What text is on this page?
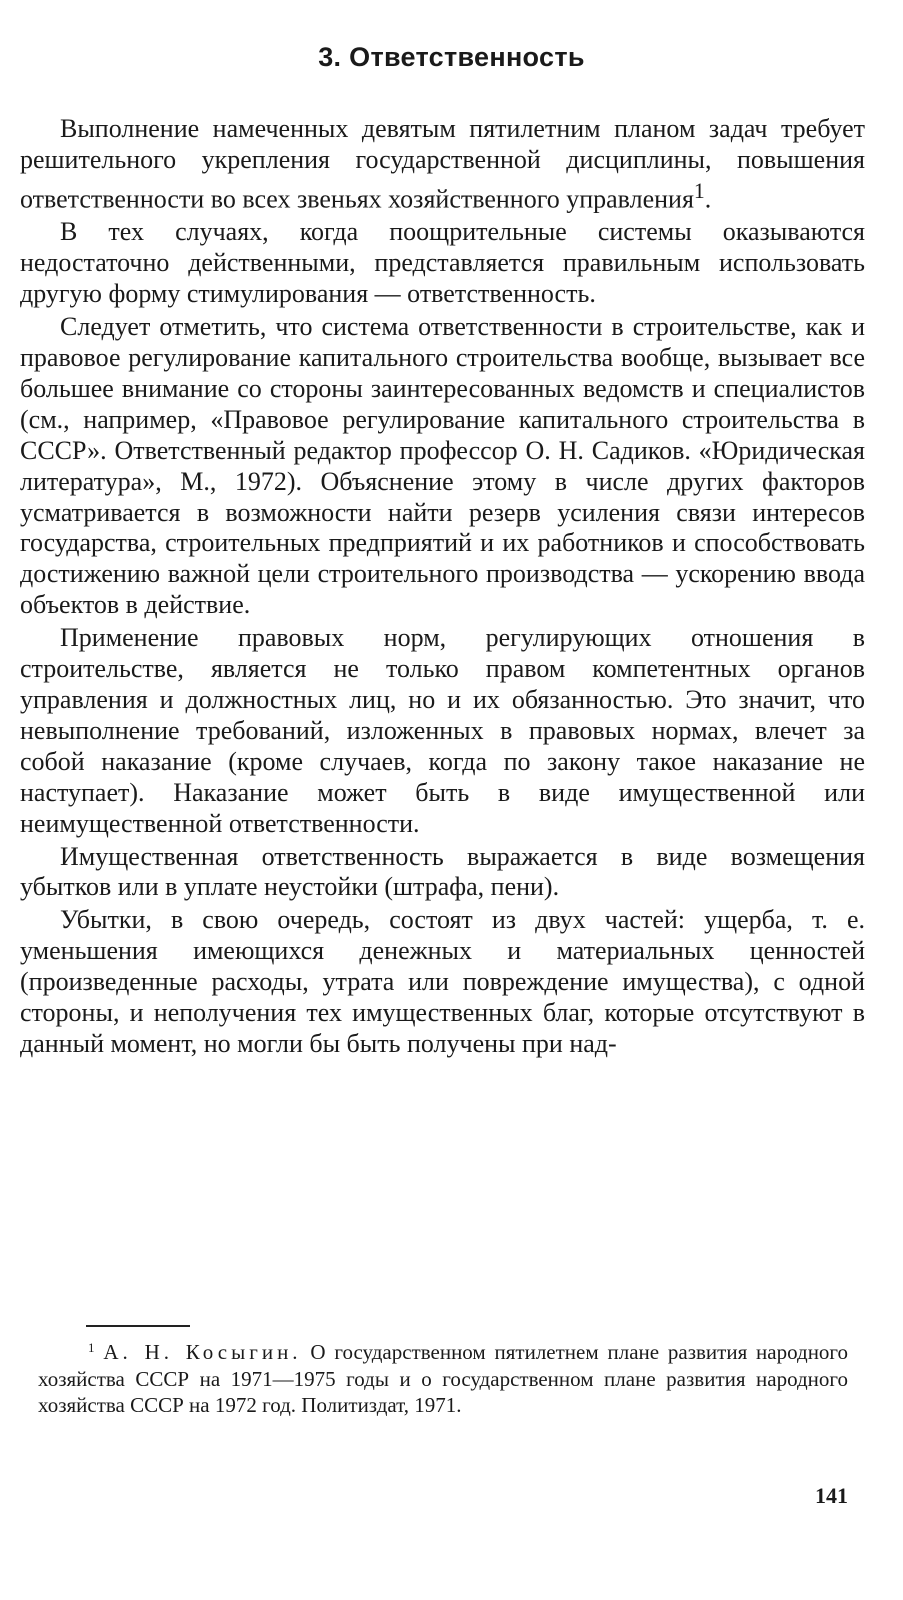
3. Ответственность

Выполнение намеченных девятым пятилетним планом задач требует решительного укрепления государственной дисциплины, повышения ответственности во всех звеньях хозяйственного управления$^1$.

В тех случаях, когда поощрительные системы оказываются недостаточно действенными, представляется правильным использовать другую форму стимулирования — ответственность.

Следует отметить, что система ответственности в строительстве, как и правовое регулирование капитального строительства вообще, вызывает все большее внимание со стороны заинтересованных ведомств и специалистов (см., например, «Правовое регулирование капитального строительства в СССР». Ответственный редактор профессор О. Н. Садиков. «Юридическая литература», М., 1972). Объяснение этому в числе других факторов усматривается в возможности найти резерв усиления связи интересов государства, строительных предприятий и их работников и способствовать достижению важной цели строительного производства — ускорению ввода объектов в действие.

Применение правовых норм, регулирующих отношения в строительстве, является не только правом компетентных органов управления и должностных лиц, но и их обязанностью. Это значит, что невыполнение требований, изложенных в правовых нормах, влечет за собой наказание (кроме случаев, когда по закону такое наказание не наступает). Наказание может быть в виде имущественной или неимущественной ответственности.

Имущественная ответственность выражается в виде возмещения убытков или в уплате неустойки (штрафа, пени).

Убытки, в свою очередь, состоят из двух частей: ущерба, т. е. уменьшения имеющихся денежных и материальных ценностей (произведенные расходы, утрата или повреждение имущества), с одной стороны, и неполучения тех имущественных благ, которые отсутствуют в данный момент, но могли бы быть получены при над-

$^1$ А. Н. Косыгин. О государственном пятилетнем плане развития народного хозяйства СССР на 1971—1975 годы и о государственном плане развития народного хозяйства СССР на 1972 год. Политиздат, 1971.

141
